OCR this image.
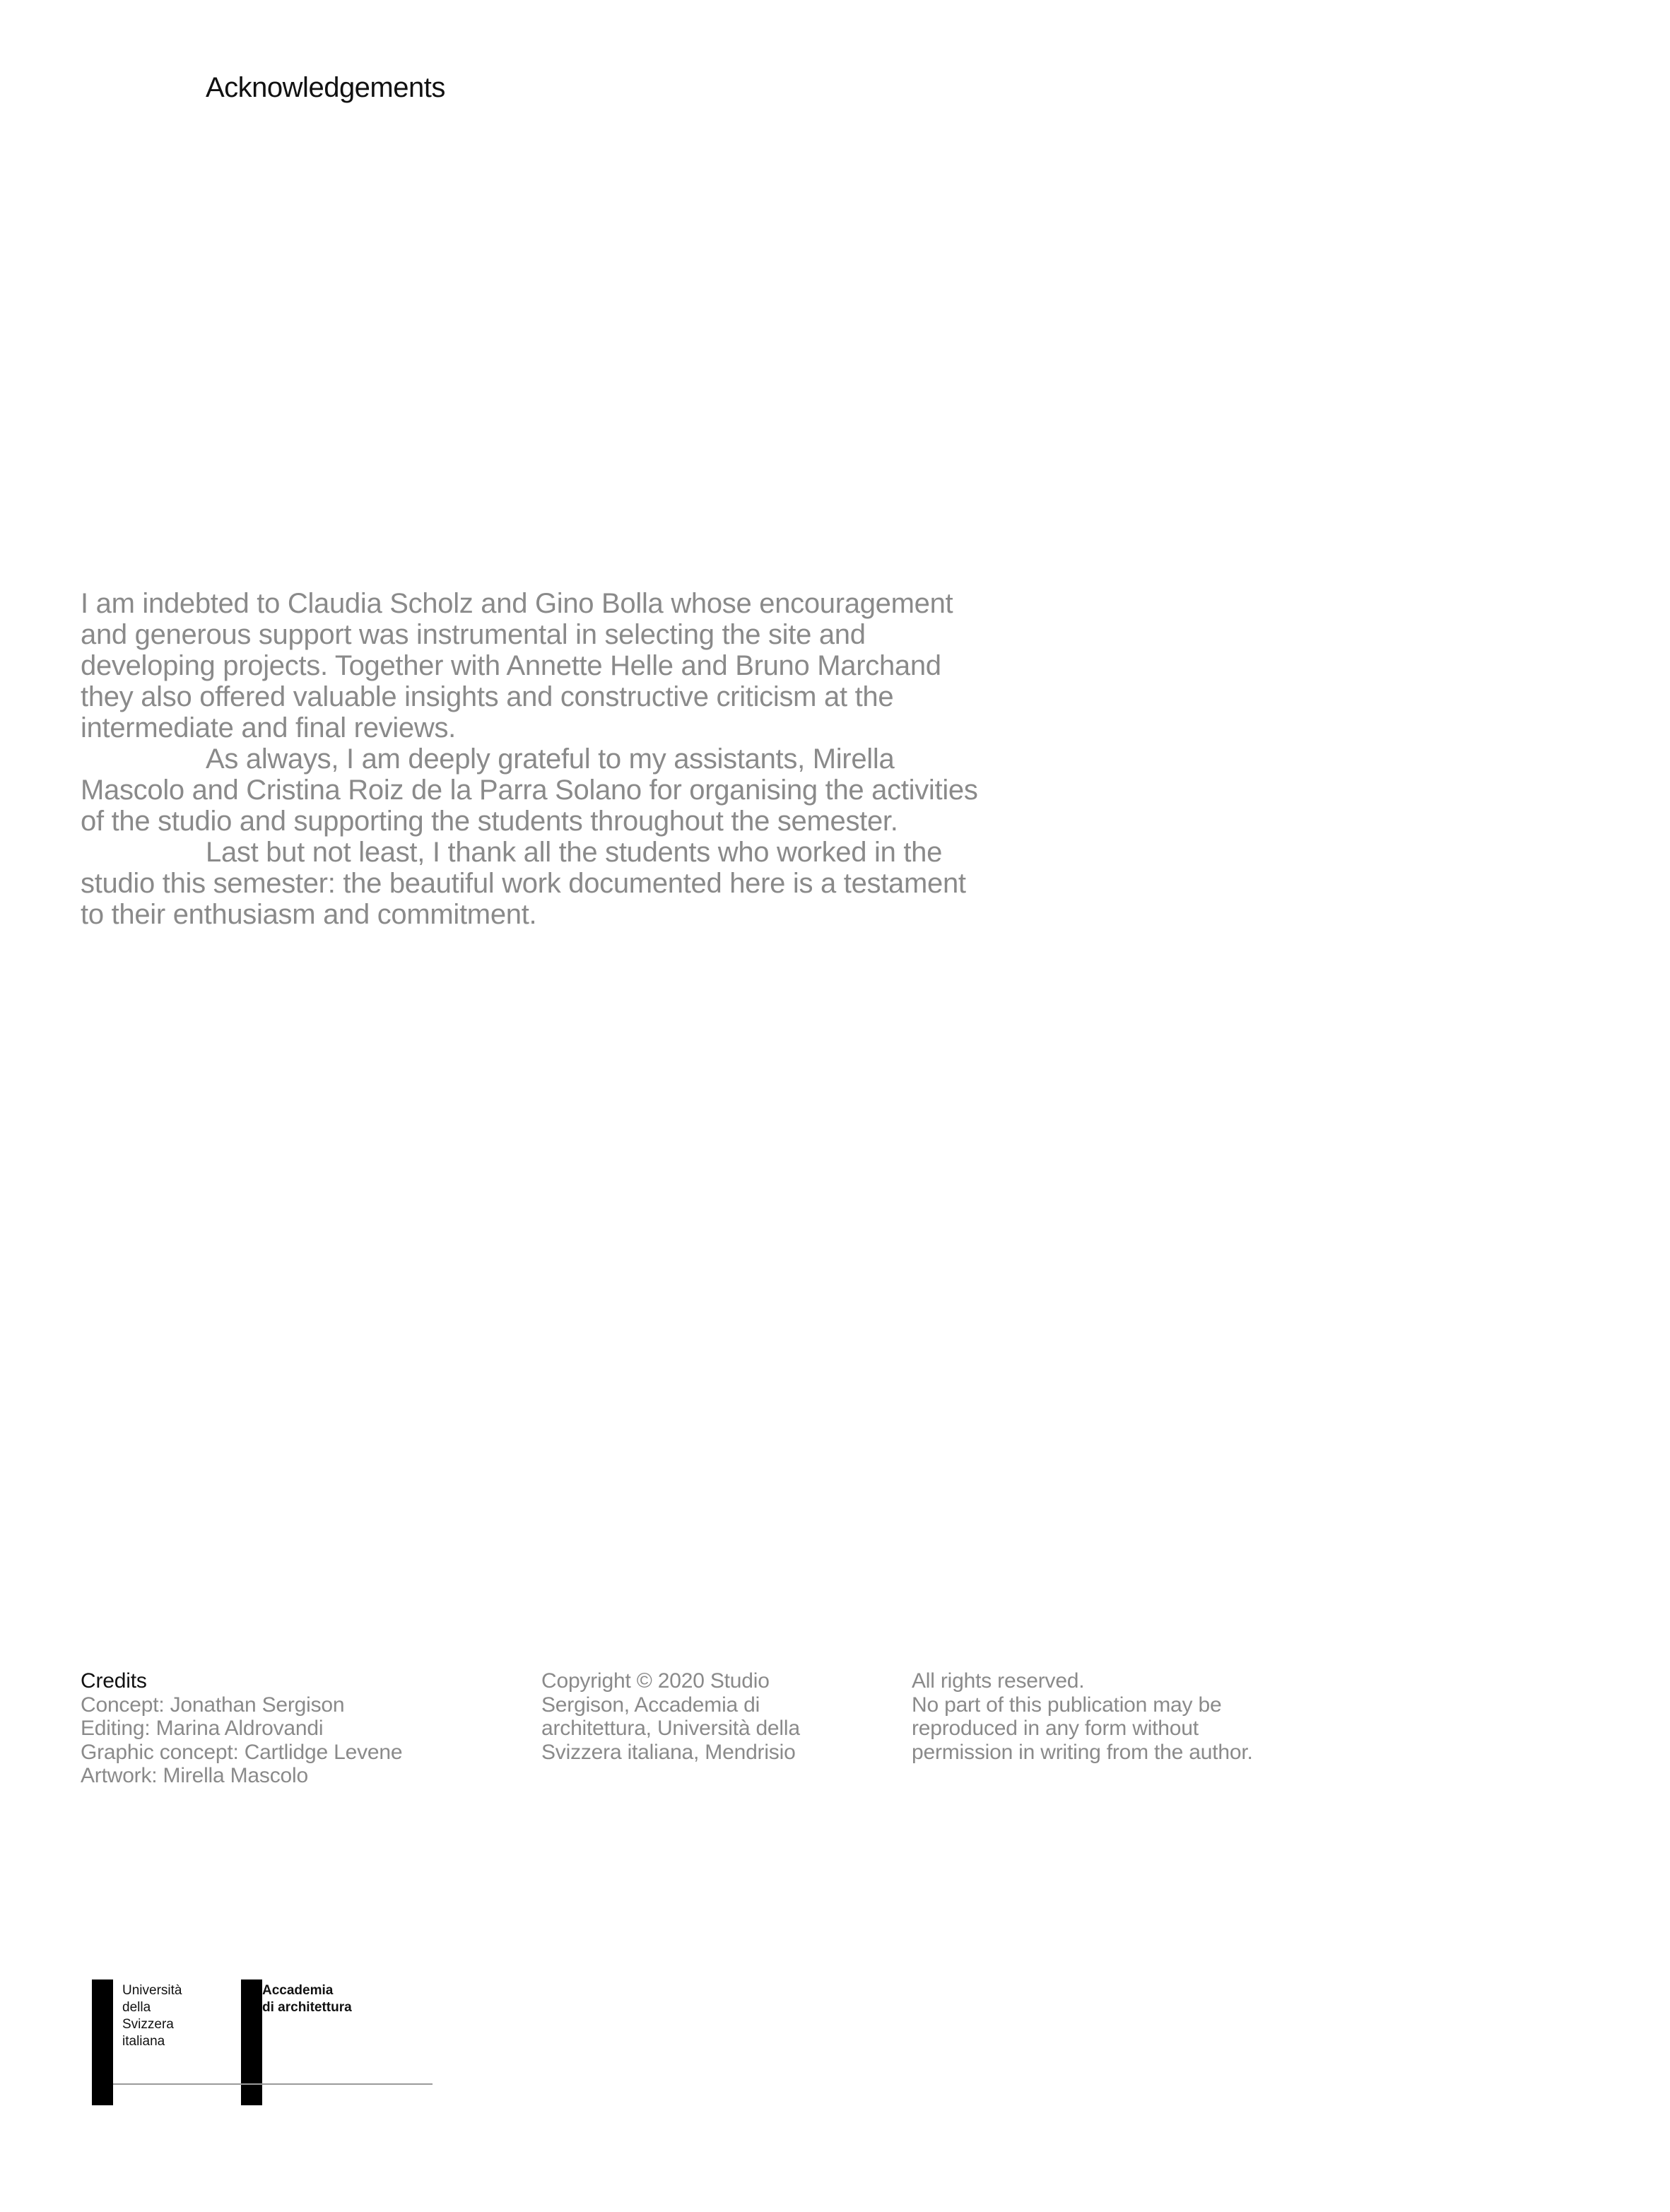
Acknowledgements

I am indebted to Claudia Scholz and Gino Bolla whose encouragement

and generous support was instrumental in selecting the site and

developing projects. Together with Annette Helle and Bruno Marchand

they also offered valuable insights and constructive criticism at the

intermediate and final reviews.

As always, I am deeply grateful to my assistants, Mirella

Mascolo and Cristina Roiz de la Parra Solano for organising the activities

of the studio and supporting the students throughout the semester.

Last but not least, I thank all the students who worked in the

studio this semester: the beautiful work documented here is a testament

to their enthusiasm and commitment.

Credits
Concept: Jonathan Sergison
Editing: Marina Aldrovandi
Graphic concept: Cartlidge Levene
Artwork: Mirella Mascolo
Copyright © 2020 Studio
Sergison, Accademia di
architettura, Università della
Svizzera italiana, Mendrisio
All rights reserved.
No part of this publication may be
reproduced in any form without
permission in writing from the author.
Università
della
Svizzera
italiana
Accademia
di architettura
